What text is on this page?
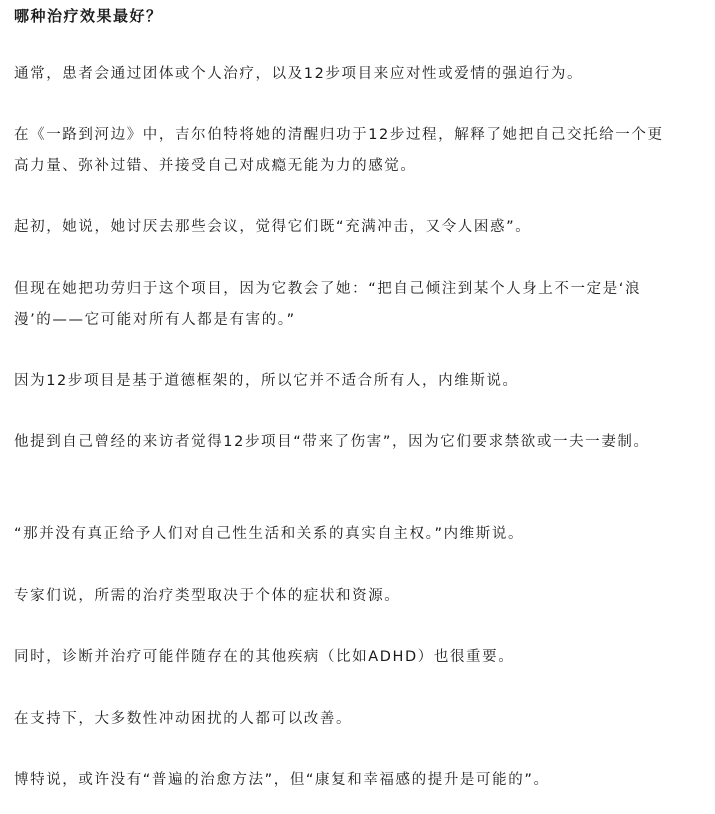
哪种治疗效果最好？

通常，患者会通过团体或个人治疗，以及12步项目来应对性或爱情的强迫行为。

在《一路到河边》中，吉尔伯特将她的清醒归功于12步过程，解释了她把自己交托给一个更高力量、弥补过错、并接受自己对成瘾无能为力的感觉。

起初，她说，她讨厌去那些会议，觉得它们既“充满冲击，又令人困惑”。

但现在她把功劳归于这个项目，因为它教会了她：“把自己倾注到某个人身上不一定是‘浪漫’的——它可能对所有人都是有害的。”

因为12步项目是基于道德框架的，所以它并不适合所有人，内维斯说。

他提到自己曾经的来访者觉得12步项目“带来了伤害”，因为它们要求禁欲或一夫一妻制。

“那并没有真正给予人们对自己性生活和关系的真实自主权。”内维斯说。

专家们说，所需的治疗类型取决于个体的症状和资源。

同时，诊断并治疗可能伴随存在的其他疾病（比如ADHD）也很重要。

在支持下，大多数性冲动困扰的人都可以改善。

博特说，或许没有“普遍的治愈方法”，但“康复和幸福感的提升是可能的”。
